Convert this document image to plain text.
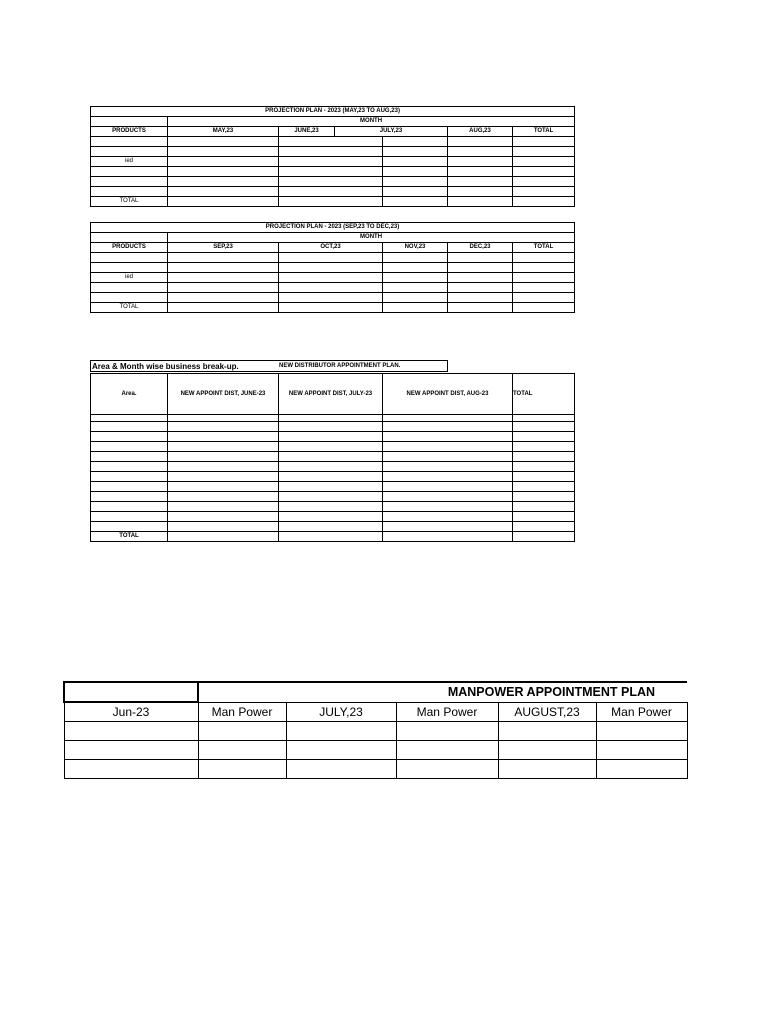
PROJECTION PLAN - 2023 (MAY,23 TO AUG,23)						
	MONTH					
PRODUCTS	MAY,23	JUNE,23	JULY,23		AUG,23	TOTAL

ied						

TOTAL						
PROJECTION PLAN - 2023 (SEP,23 TO DEC,23)					
	MONTH				
PRODUCTS	SEP,23	OCT,23	NOV,23	DEC,23	TOTAL

ied					

TOTAL					
Area & Month wise business break-up.	NEW DISTRIBUTOR APPOINTMENT PLAN.
Area.	NEW APPOINT DIST, JUNE-23	NEW APPOINT DIST, JULY-23	NEW APPOINT DIST, AUG-23	TOTAL

TOTAL				
	MANPOWER APPOINTMENT PLAN				
Jun-23	Man Power	JULY,23	Man Power	AUGUST,23	Man Power
